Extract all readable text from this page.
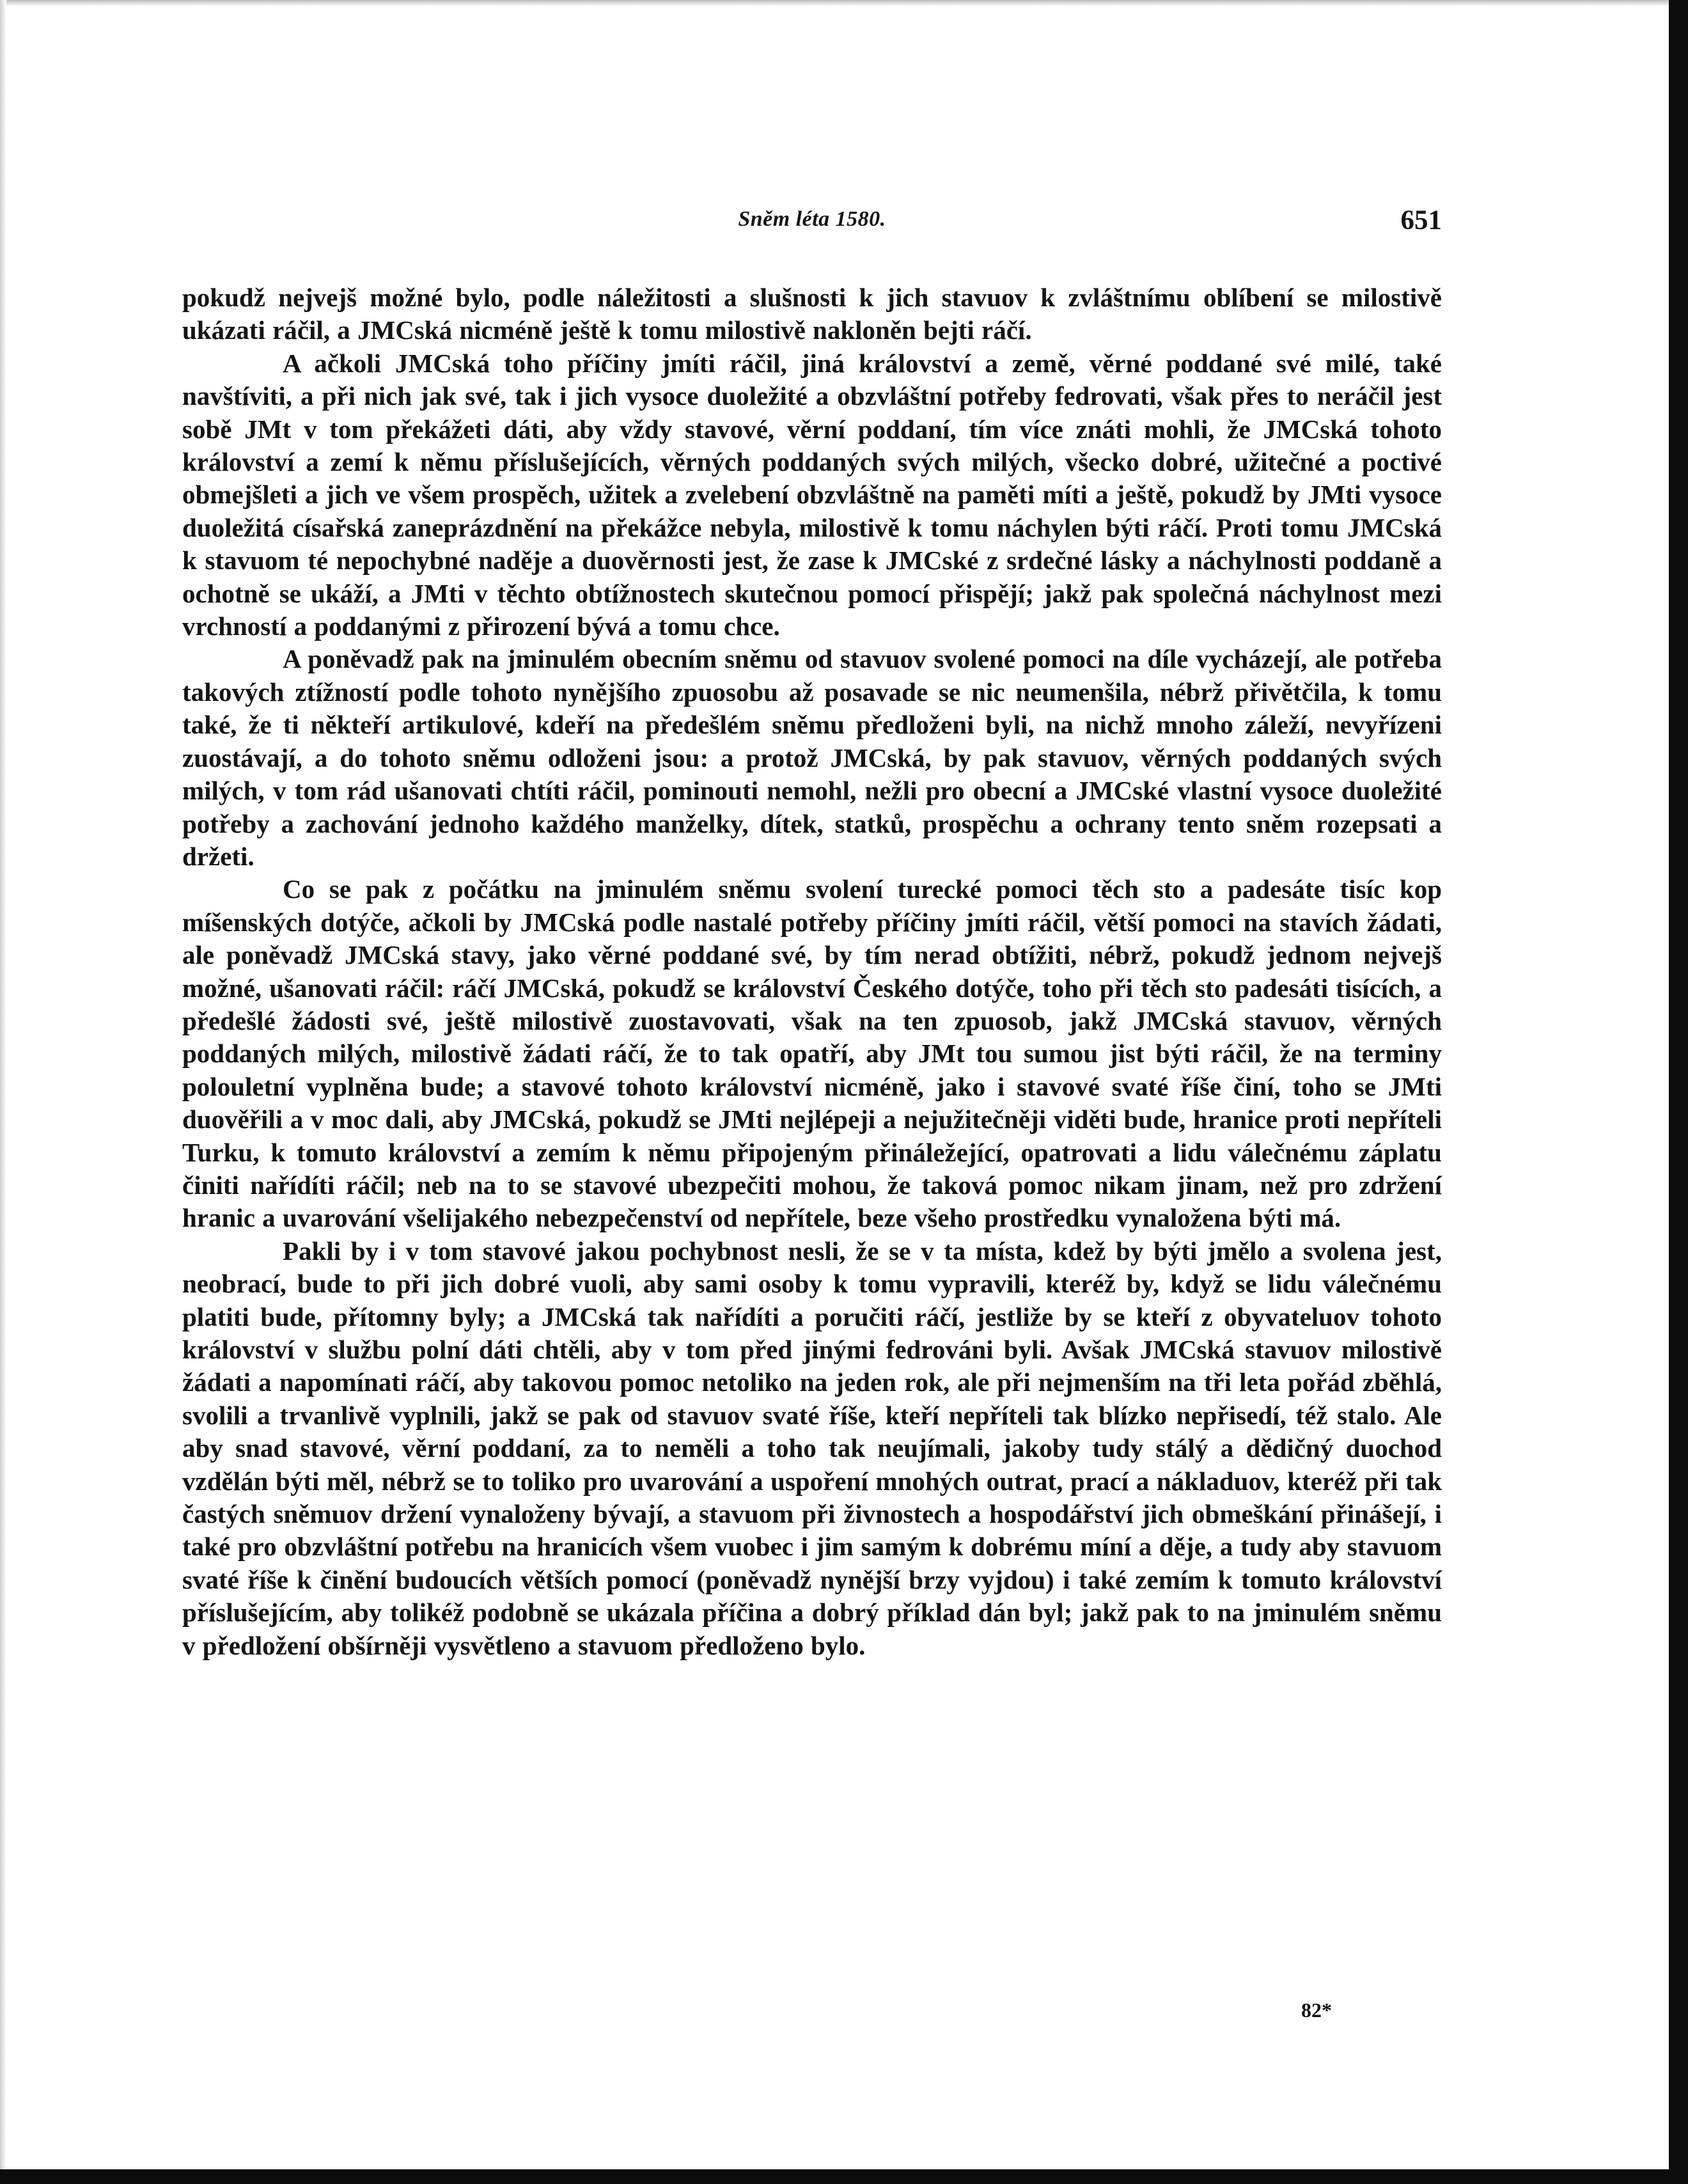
Sněm léta 1580.	651

pokudž nejvejš možné bylo, podle náležitosti a slušnosti k jich stavuov k zvláštnímu oblíbení se milostivě ukázati ráčil, a JMCská nicméně ještě k tomu milostivě nakloněn bejti ráčí.

A ačkoli JMCská toho příčiny jmíti ráčil, jiná království a země, věrné poddané své milé, také navštíviti, a při nich jak své, tak i jich vysoce duoležité a obzvláštní potřeby fedrovati, však přes to neráčil jest sobě JMt v tom překážeti dáti, aby vždy stavové, věrní poddaní, tím více znáti mohli, že JMCská tohoto království a zemí k němu příslušejících, věrných poddaných svých milých, všecko dobré, užitečné a poctivé obmejšleti a jich ve všem prospěch, užitek a zvelebení obzvláštně na paměti míti a ještě, pokudž by JMti vysoce duoležitá císařská zaneprázdnění na překážce nebyla, milostivě k tomu náchylen býti ráčí. Proti tomu JMCská k stavuom té nepochybné naděje a duověrnosti jest, že zase k JMCské z srdečné lásky a náchylnosti poddaně a ochotně se ukáží, a JMti v těchto obtížnostech skutečnou pomocí přispějí; jakž pak společná náchylnost mezi vrchností a poddanými z přirození bývá a tomu chce.

A poněvadž pak na jminulém obecním sněmu od stavuov svolené pomoci na díle vycházejí, ale potřeba takových ztížností podle tohoto nynějšího zpuosobu až posavade se nic neumenšila, nébrž přivětčila, k tomu také, že ti někteří artikulové, kdeří na předešlém sněmu předloženi byli, na nichž mnoho záleží, nevyřízeni zuostávají, a do tohoto sněmu odloženi jsou: a protož JMCská, by pak stavuov, věrných poddaných svých milých, v tom rád ušanovati chtíti ráčil, pominouti nemohl, nežli pro obecní a JMCské vlastní vysoce duoležité potřeby a zachování jednoho každého manželky, dítek, statků, prospěchu a ochrany tento sněm rozepsati a držeti.

Co se pak z počátku na jminulém sněmu svolení turecké pomoci těch sto a padesáte tisíc kop míšenských dotýče, ačkoli by JMCská podle nastalé potřeby příčiny jmíti ráčil, větší pomoci na stavích žádati, ale poněvadž JMCská stavy, jako věrné poddané své, by tím nerad obtížiti, nébrž, pokudž jednom nejvejš možné, ušanovati ráčil: ráčí JMCská, pokudž se království Českého dotýče, toho při těch sto padesáti tisících, a předešlé žádosti své, ještě milostivě zuostavovati, však na ten zpuosob, jakž JMCská stavuov, věrných poddaných milých, milostivě žádati ráčí, že to tak opatří, aby JMt tou sumou jist býti ráčil, že na terminy polouletní vyplněna bude; a stavové tohoto království nicméně, jako i stavové svaté říše činí, toho se JMti duověřili a v moc dali, aby JMCská, pokudž se JMti nejlépeji a nejužitečněji viděti bude, hranice proti nepříteli Turku, k tomuto království a zemím k němu připojeným přináležející, opatrovati a lidu válečnému záplatu činiti nařídíti ráčil; neb na to se stavové ubezpečiti mohou, že taková pomoc nikam jinam, než pro zdržení hranic a uvarování všelijakého nebezpečenství od nepřítele, beze všeho prostředku vynaložena býti má.

Pakli by i v tom stavové jakou pochybnost nesli, že se v ta místa, kdež by býti jmělo a svolena jest, neobrací, bude to při jich dobré vuoli, aby sami osoby k tomu vypravili, kteréž by, když se lidu válečnému platiti bude, přítomny byly; a JMCská tak nařídíti a poručiti ráčí, jestliže by se kteří z obyvateluov tohoto království v službu polní dáti chtěli, aby v tom před jinými fedrováni byli. Avšak JMCská stavuov milostivě žádati a napomínati ráčí, aby takovou pomoc netoliko na jeden rok, ale při nejmenším na tři leta pořád zběhlá, svolili a trvanlivě vyplnili, jakž se pak od stavuov svaté říše, kteří nepříteli tak blízko nepřisedí, též stalo. Ale aby snad stavové, věrní poddaní, za to neměli a toho tak neujímali, jakoby tudy stálý a dědičný duochod vzdělán býti měl, nébrž se to toliko pro uvarování a uspoření mnohých outrat, prací a nákladuov, kteréž při tak častých sněmuov držení vynaloženy bývají, a stavuom při živnostech a hospodářství jich obmeškání přinášejí, i také pro obzvláštní potřebu na hranicích všem vuobec i jim samým k dobrému míní a děje, a tudy aby stavuom svaté říše k činění budoucích větších pomocí (poněvadž nynější brzy vyjdou) i také zemím k tomuto království příslušejícím, aby tolikéž podobně se ukázala příčina a dobrý příklad dán byl; jakž pak to na jminulém sněmu v předložení obšírněji vysvětleno a stavuom předloženo bylo.

82*
